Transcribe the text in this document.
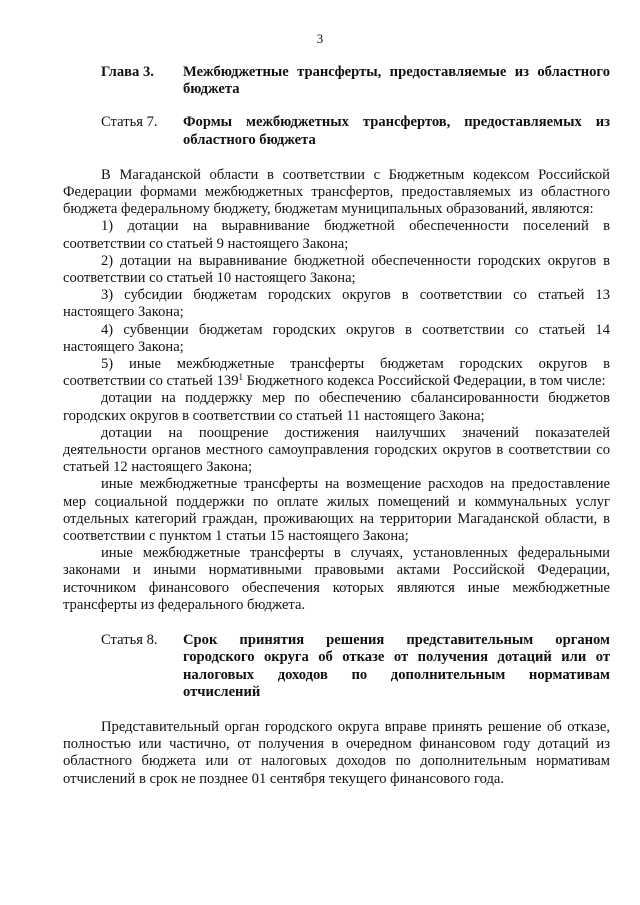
3
Глава 3.	Межбюджетные трансферты, предоставляемые из областного бюджета
Статья 7.	Формы межбюджетных трансфертов, предоставляемых из областного бюджета

В Магаданской области в соответствии с Бюджетным кодексом Российской Федерации формами межбюджетных трансфертов, предоставляемых из областного бюджета федеральному бюджету, бюджетам муниципальных образований, являются:

1) дотации на выравнивание бюджетной обеспеченности поселений в соответствии со статьей 9 настоящего Закона;

2) дотации на выравнивание бюджетной обеспеченности городских округов в соответствии со статьей 10 настоящего Закона;

3) субсидии бюджетам городских округов в соответствии со статьей 13 настоящего Закона;

4) субвенции бюджетам городских округов в соответствии со статьей 14 настоящего Закона;

5) иные межбюджетные трансферты бюджетам городских округов в соответствии со статьей $139^1$ Бюджетного кодекса Российской Федерации, в том числе:

дотации на поддержку мер по обеспечению сбалансированности бюджетов городских округов в соответствии со статьей 11 настоящего Закона;

дотации на поощрение достижения наилучших значений показателей деятельности органов местного самоуправления городских округов в соответствии со статьей 12 настоящего Закона;

иные межбюджетные трансферты на возмещение расходов на предоставление мер социальной поддержки по оплате жилых помещений и коммунальных услуг отдельных категорий граждан, проживающих на территории Магаданской области, в соответствии с пунктом 1 статьи 15 настоящего Закона;

иные межбюджетные трансферты в случаях, установленных федеральными законами и иными нормативными правовыми актами Российской Федерации, источником финансового обеспечения которых являются иные межбюджетные трансферты из федерального бюджета.

Статья 8.	Срок принятия решения представительным органом городского округа об отказе от получения дотаций или от налоговых доходов по дополнительным нормативам отчислений

Представительный орган городского округа вправе принять решение об отказе, полностью или частично, от получения в очередном финансовом году дотаций из областного бюджета или от налоговых доходов по дополнительным нормативам отчислений в срок не позднее 01 сентября текущего финансового года.
